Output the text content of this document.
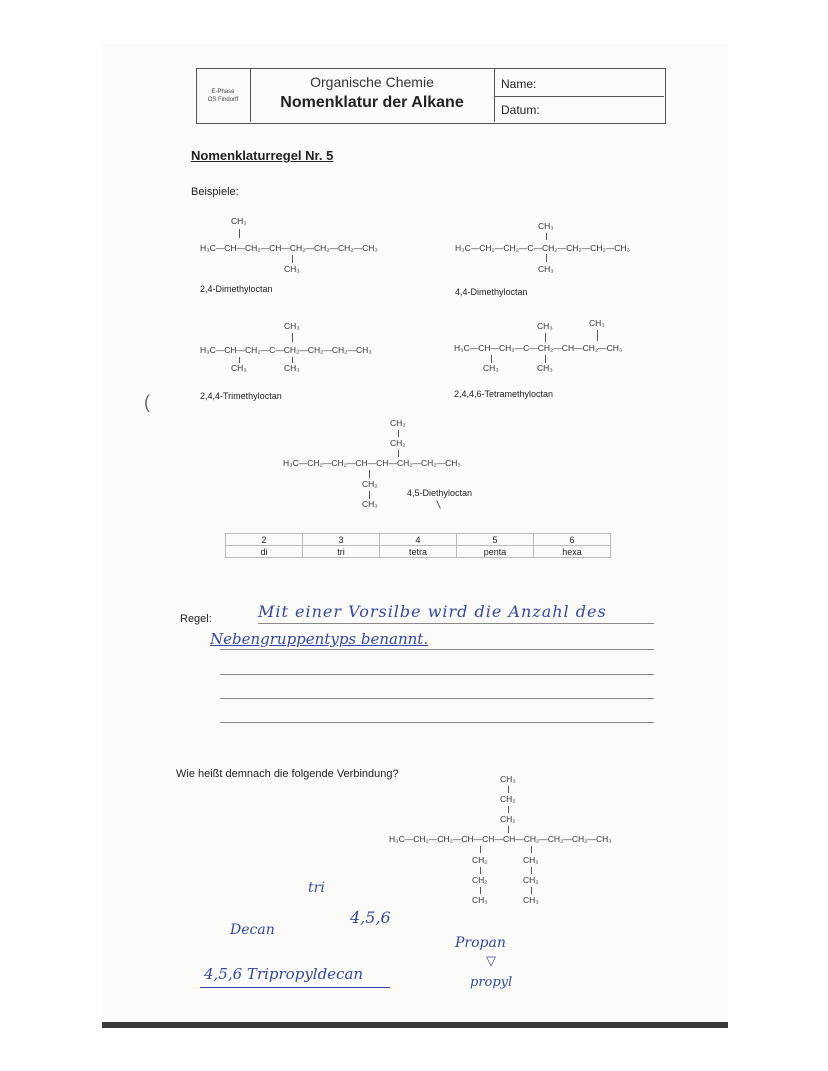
E-Phase
OS Findorff
Organische Chemie
Nomenklatur der Alkane
Name:
Datum:
Nomenklaturregel Nr. 5
Beispiele:
CH₃
H₃C—CH—CH₂—CH—CH₂—CH₂—CH₂—CH₃
CH₃
2,4-Dimethyloctan
CH₃
H₃C—CH₂—CH₂—C—CH₂—CH₂—CH₂—CH₃
CH₃
4,4-Dimethyloctan
CH₃
H₃C—CH—CH₂—C—CH₂—CH₂—CH₂—CH₃
CH₃	CH₃
2,4,4-Trimethyloctan
CH₃	CH₃
H₃C—CH—CH₂—C—CH₂—CH—CH₂—CH₃
CH₃	CH₃
2,4,4,6-Tetramethyloctan
CH₃
CH₂
H₃C—CH₂—CH₂—CH—CH—CH₂—CH₂—CH₃
CH₂
CH₃
4,5-Diethyloctan
2	3	4	5	6
di	tri	tetra	penta	hexa
Regel:	Mit einer Vorsilbe wird die Anzahl des
Nebengruppentyps benannt.
Wie heißt demnach die folgende Verbindung?	CH₃
CH₂
CH₂
H₃C—CH₂—CH₂—CH—CH—CH—CH₂—CH₂—CH₂—CH₃
CH₂
CH₂
CH₃
CH₂
CH₂
CH₃
tri
Decan
4,5,6
4,5,6 Tripropyldecan
Propan
▽
propyl
(
